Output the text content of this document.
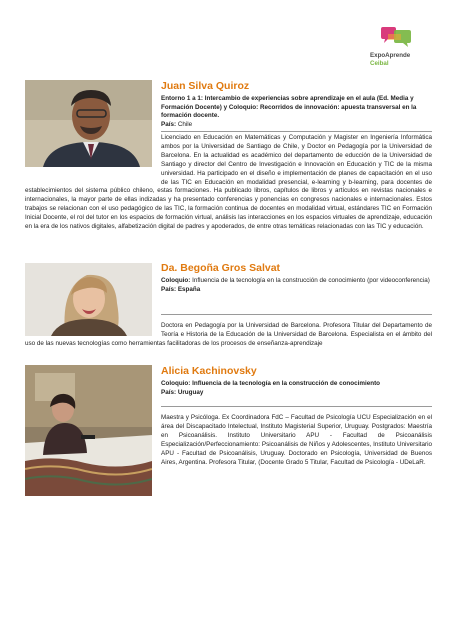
ExpoAprende
Ceibal
Juan Silva Quiroz
Entorno 1 a 1: Intercambio de experiencias sobre aprendizaje en el aula (Ed. Media y Formación Docente) y Coloquio: Recorridos de innovación: apuesta transversal en la formación docente.
País: Chile

Licenciado en Educación en Matemáticas y Computación y Magister en Ingeniería Informática ambos por la Universidad de Santiago de Chile, y Doctor en Pedagogía por la Universidad de Barcelona. En la actualidad es académico del departamento de educción de la Universidad de Santiago y director del Centro de Investigación e Innovación en Educación y TIC de la misma universidad. Ha participado en el diseño e implementación de planes de capacitación en el uso de las TIC en Educación en modalidad presencial, e-learning y b-learning, para docentes de establecimientos del sistema público chileno, estas formaciones. Ha publicado libros, capítulos de libros y artículos en revistas nacionales e internacionales, la mayor parte de ellas indizadas y ha presentado conferencias y ponencias en congresos nacionales e internacionales. Estos trabajos se relacionan con el uso pedagógico de las TIC, la formación continua de docentes en modalidad virtual, estándares TIC en Formación Inicial Docente, el rol del tutor en los espacios de formación virtual, análisis las interacciones en los espacios virtuales de aprendizaje, educación en la era de los nativos digitales, alfabetización digital de padres y apoderados, de entre otras temáticas relacionadas con las TIC y educación.

Da. Begoña Gros Salvat
Coloquio: Influencia de la tecnología en la construcción de conocimiento (por videoconferencia)
País: España

Doctora en Pedagogía por la Universidad de Barcelona. Profesora Titular del Departamento de Teoría e Historia de la Educación de la Universidad de Barcelona. Especialista en el ámbito del uso de las nuevas tecnologías como herramientas facilitadoras de los procesos de enseñanza-aprendizaje

Alicia Kachinovsky
Coloquio: Influencia de la tecnología en la construcción de conocimiento
País: Uruguay

Maestra y Psicóloga. Ex Coordinadora FdC – Facultad de Psicología UCU Especialización en el área del Discapacitado Intelectual, Instituto Magisterial Superior, Uruguay. Postgrados: Maestría en Psicoanálisis. Instituto Universitario APU - Facultad de Psicoanálisis Especialización/Perfeccionamiento: Psicoanálisis de Niños y Adolescentes, Instituto Universitario APU - Facultad de Psicoanálisis, Uruguay. Doctorado en Psicología, Universidad de Buenos Aires, Argentina. Profesora Titular, (Docente Grado 5 Titular, Facultad de Psicología - UDeLaR.
